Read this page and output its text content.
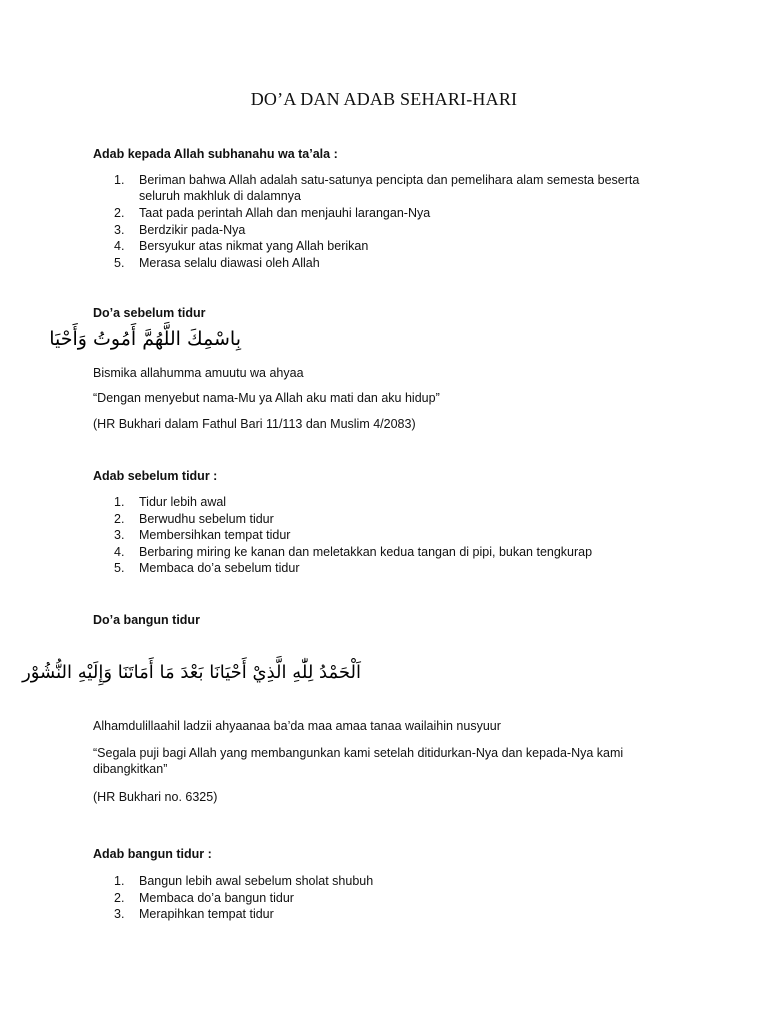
DO’A DAN ADAB SEHARI-HARI
Adab kepada Allah subhanahu wa ta’ala :
1.	Beriman bahwa Allah adalah satu-satunya pencipta dan pemelihara alam semesta beserta seluruh makhluk di dalamnya
2.	Taat pada perintah Allah dan menjauhi larangan-Nya
3.	Berdzikir pada-Nya
4.	Bersyukur atas nikmat yang Allah berikan
5.	Merasa selalu diawasi oleh Allah
Do’a sebelum tidur
بِاسْمِكَ اللَّهُمَّ أَمُوتُ وَأَحْيَا
Bismika allahumma amuutu wa ahyaa
“Dengan menyebut nama-Mu ya Allah aku mati dan aku hidup”
(HR Bukhari dalam Fathul Bari 11/113 dan Muslim 4/2083)
Adab sebelum tidur :
1.	Tidur lebih awal
2.	Berwudhu sebelum tidur
3.	Membersihkan tempat tidur
4.	Berbaring miring ke kanan dan meletakkan kedua tangan di pipi, bukan tengkurap
5.	Membaca do’a sebelum tidur
Do’a bangun tidur
اَلْحَمْدُ لِلّٰهِ الَّذِيْ أَحْيَانَا بَعْدَ مَا أَمَاتَنَا وَإِلَيْهِ النُّشُوْر
Alhamdulillaahil ladzii ahyaanaa ba’da maa amaa tanaa wailaihin nusyuur
“Segala puji bagi Allah yang membangunkan kami setelah ditidurkan-Nya dan kepada-Nya kami dibangkitkan”
(HR Bukhari no. 6325)
Adab bangun tidur :
1.	Bangun lebih awal sebelum sholat shubuh
2.	Membaca do’a bangun tidur
3.	Merapihkan tempat tidur
